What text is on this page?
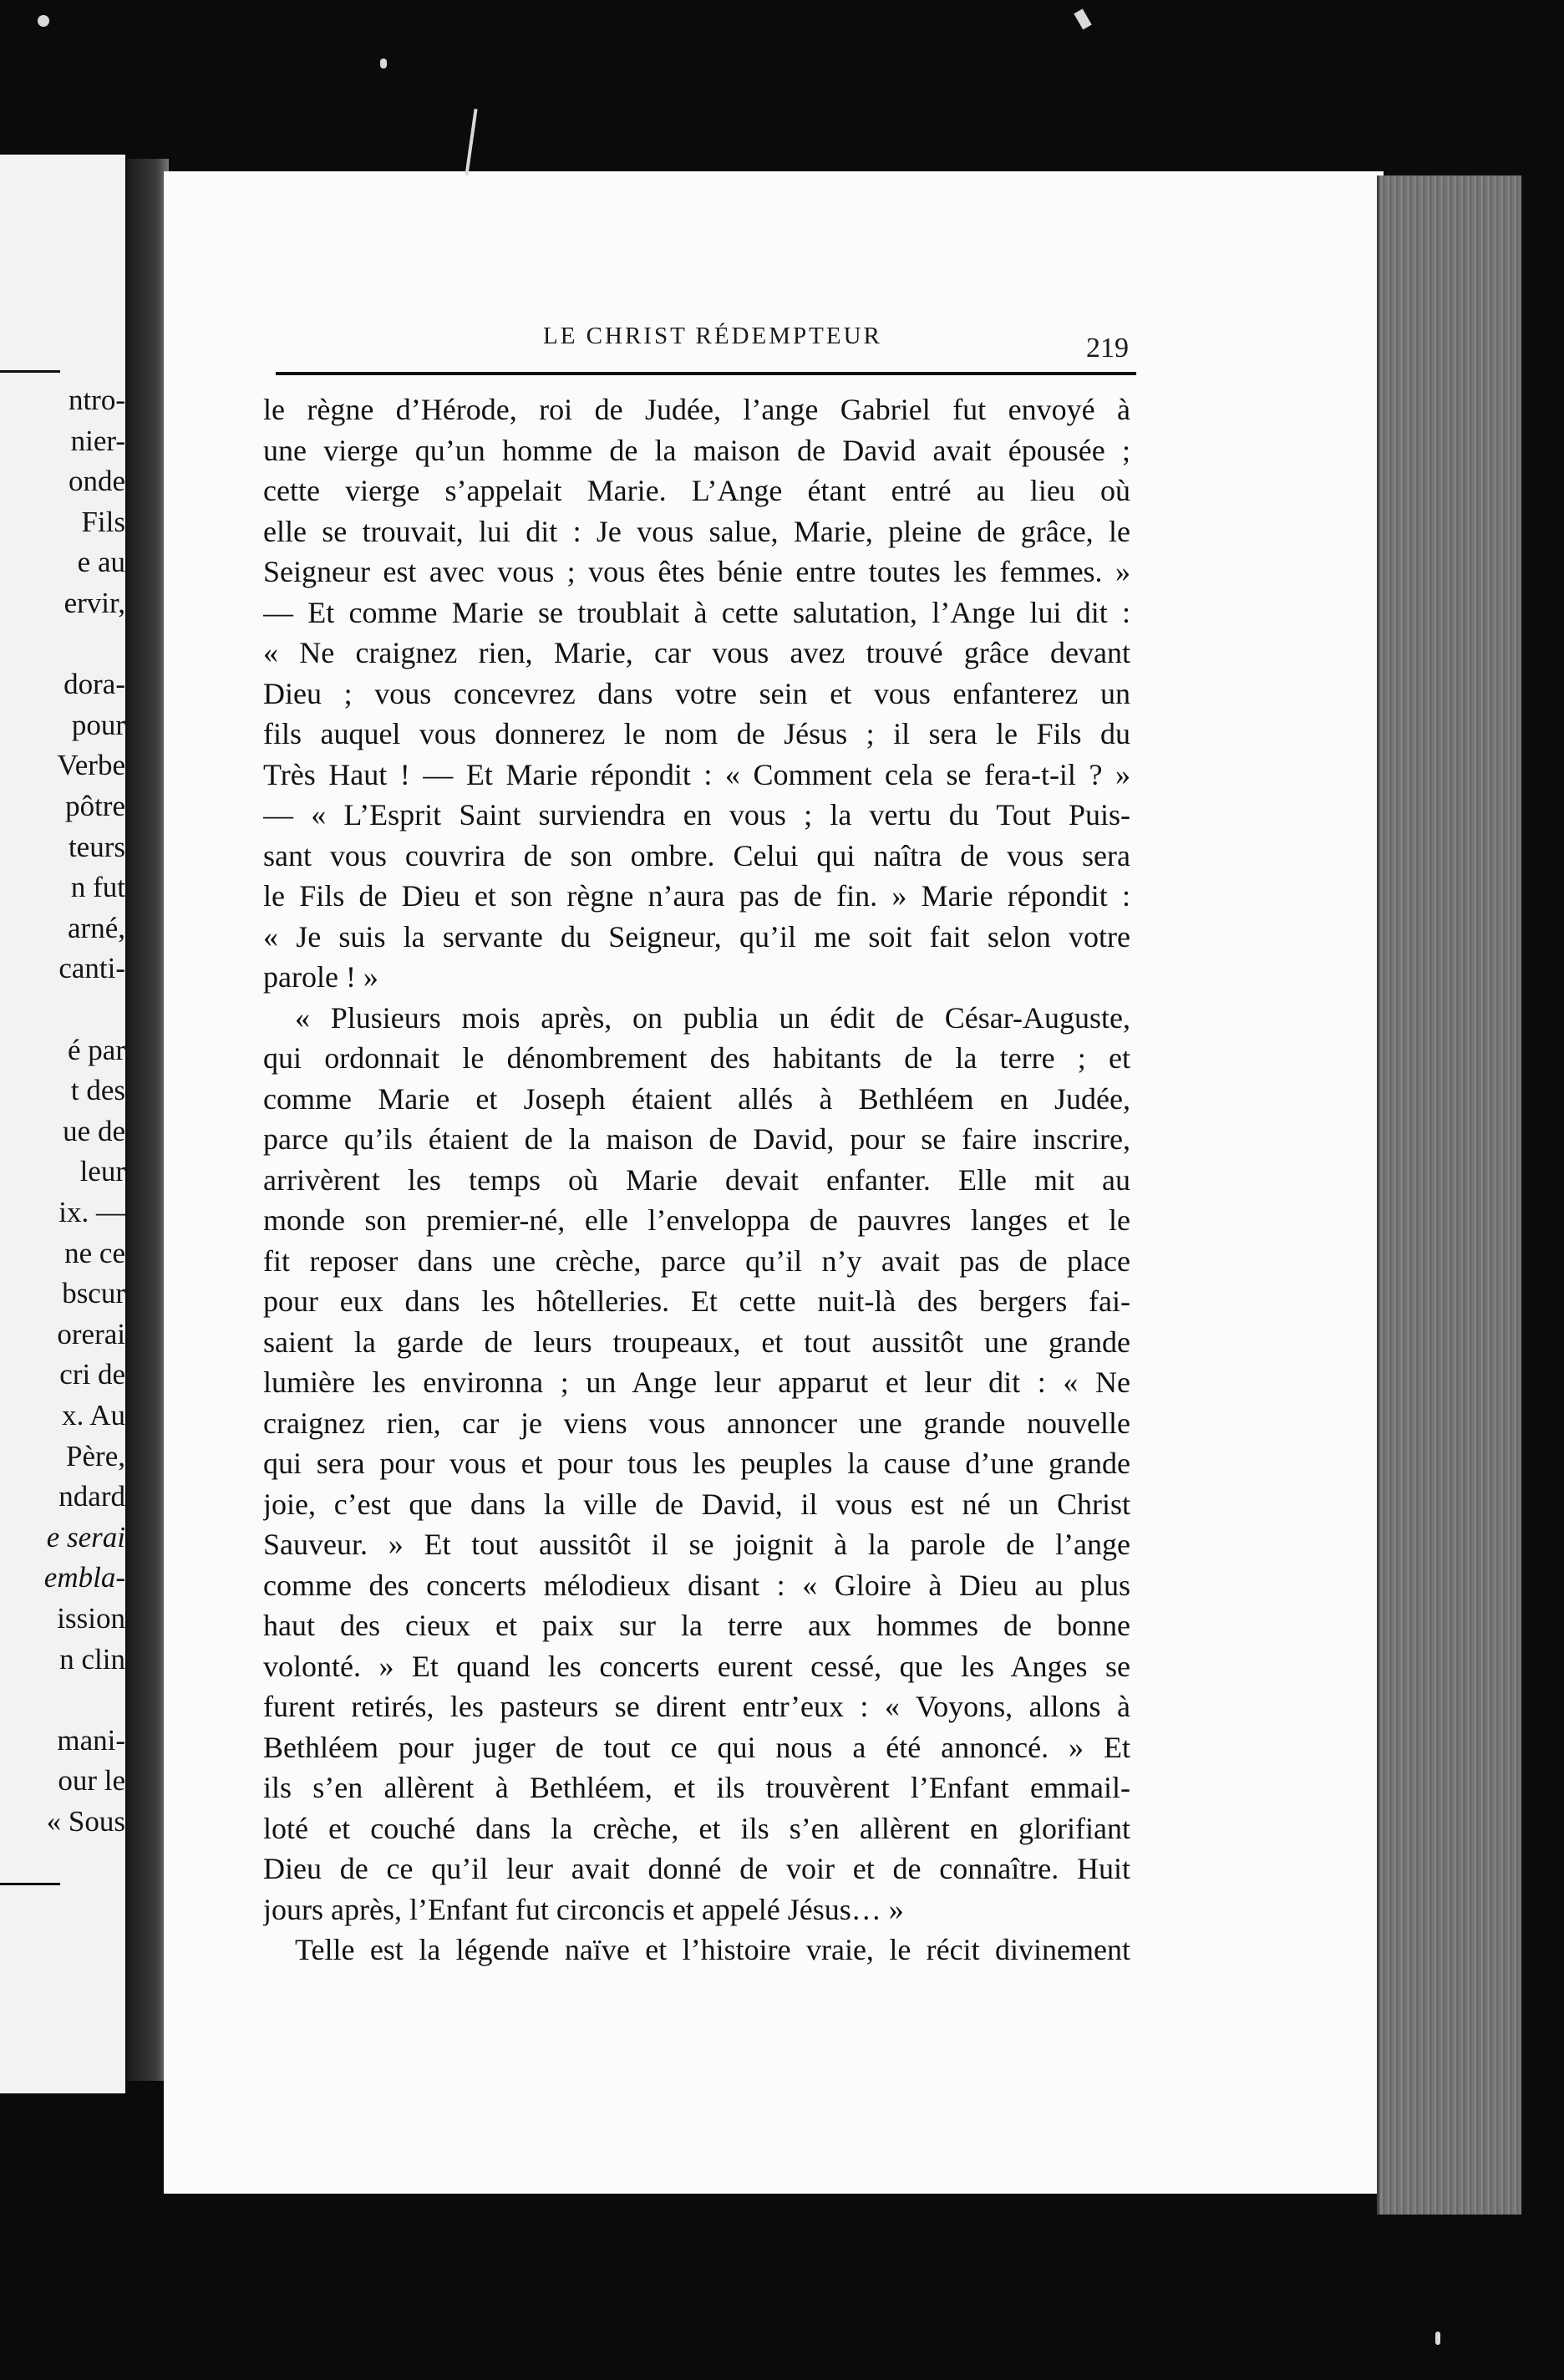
ntro-
nier-
onde
Fils
e au
ervir,
dora-
pour
Verbe
pôtre
teurs
n fut
arné,
canti-
é par
t des
ue de
leur
ix. —
ne ce
bscur
orerai
cri de
x. Au
Père,
ndard
e serai
embla-
ission
n clin
mani-
our le
« Sous
LE CHRIST RÉDEMPTEUR	219
le règne d’Hérode, roi de Judée, l’ange Gabriel fut envoyé à
une vierge qu’un homme de la maison de David avait épousée ;
cette vierge s’appelait Marie. L’Ange étant entré au lieu où
elle se trouvait, lui dit : Je vous salue, Marie, pleine de grâce, le
Seigneur est avec vous ; vous êtes bénie entre toutes les femmes. »
— Et comme Marie se troublait à cette salutation, l’Ange lui dit :
« Ne craignez rien, Marie, car vous avez trouvé grâce devant
Dieu ; vous concevrez dans votre sein et vous enfanterez un
fils auquel vous donnerez le nom de Jésus ; il sera le Fils du
Très Haut ! — Et Marie répondit : « Comment cela se fera-t-il ? »
— « L’Esprit Saint surviendra en vous ; la vertu du Tout Puis-
sant vous couvrira de son ombre. Celui qui naîtra de vous sera
le Fils de Dieu et son règne n’aura pas de fin. » Marie répondit :
« Je suis la servante du Seigneur, qu’il me soit fait selon votre
parole ! »
« Plusieurs mois après, on publia un édit de César-Auguste,
qui ordonnait le dénombrement des habitants de la terre ; et
comme Marie et Joseph étaient allés à Bethléem en Judée,
parce qu’ils étaient de la maison de David, pour se faire inscrire,
arrivèrent les temps où Marie devait enfanter. Elle mit au
monde son premier-né, elle l’enveloppa de pauvres langes et le
fit reposer dans une crèche, parce qu’il n’y avait pas de place
pour eux dans les hôtelleries. Et cette nuit-là des bergers fai-
saient la garde de leurs troupeaux, et tout aussitôt une grande
lumière les environna ; un Ange leur apparut et leur dit : « Ne
craignez rien, car je viens vous annoncer une grande nouvelle
qui sera pour vous et pour tous les peuples la cause d’une grande
joie, c’est que dans la ville de David, il vous est né un Christ
Sauveur. » Et tout aussitôt il se joignit à la parole de l’ange
comme des concerts mélodieux disant : « Gloire à Dieu au plus
haut des cieux et paix sur la terre aux hommes de bonne
volonté. » Et quand les concerts eurent cessé, que les Anges se
furent retirés, les pasteurs se dirent entr’eux : « Voyons, allons à
Bethléem pour juger de tout ce qui nous a été annoncé. » Et
ils s’en allèrent à Bethléem, et ils trouvèrent l’Enfant emmail-
loté et couché dans la crèche, et ils s’en allèrent en glorifiant
Dieu de ce qu’il leur avait donné de voir et de connaître. Huit
jours après, l’Enfant fut circoncis et appelé Jésus… »
Telle est la légende naïve et l’histoire vraie, le récit divinement
